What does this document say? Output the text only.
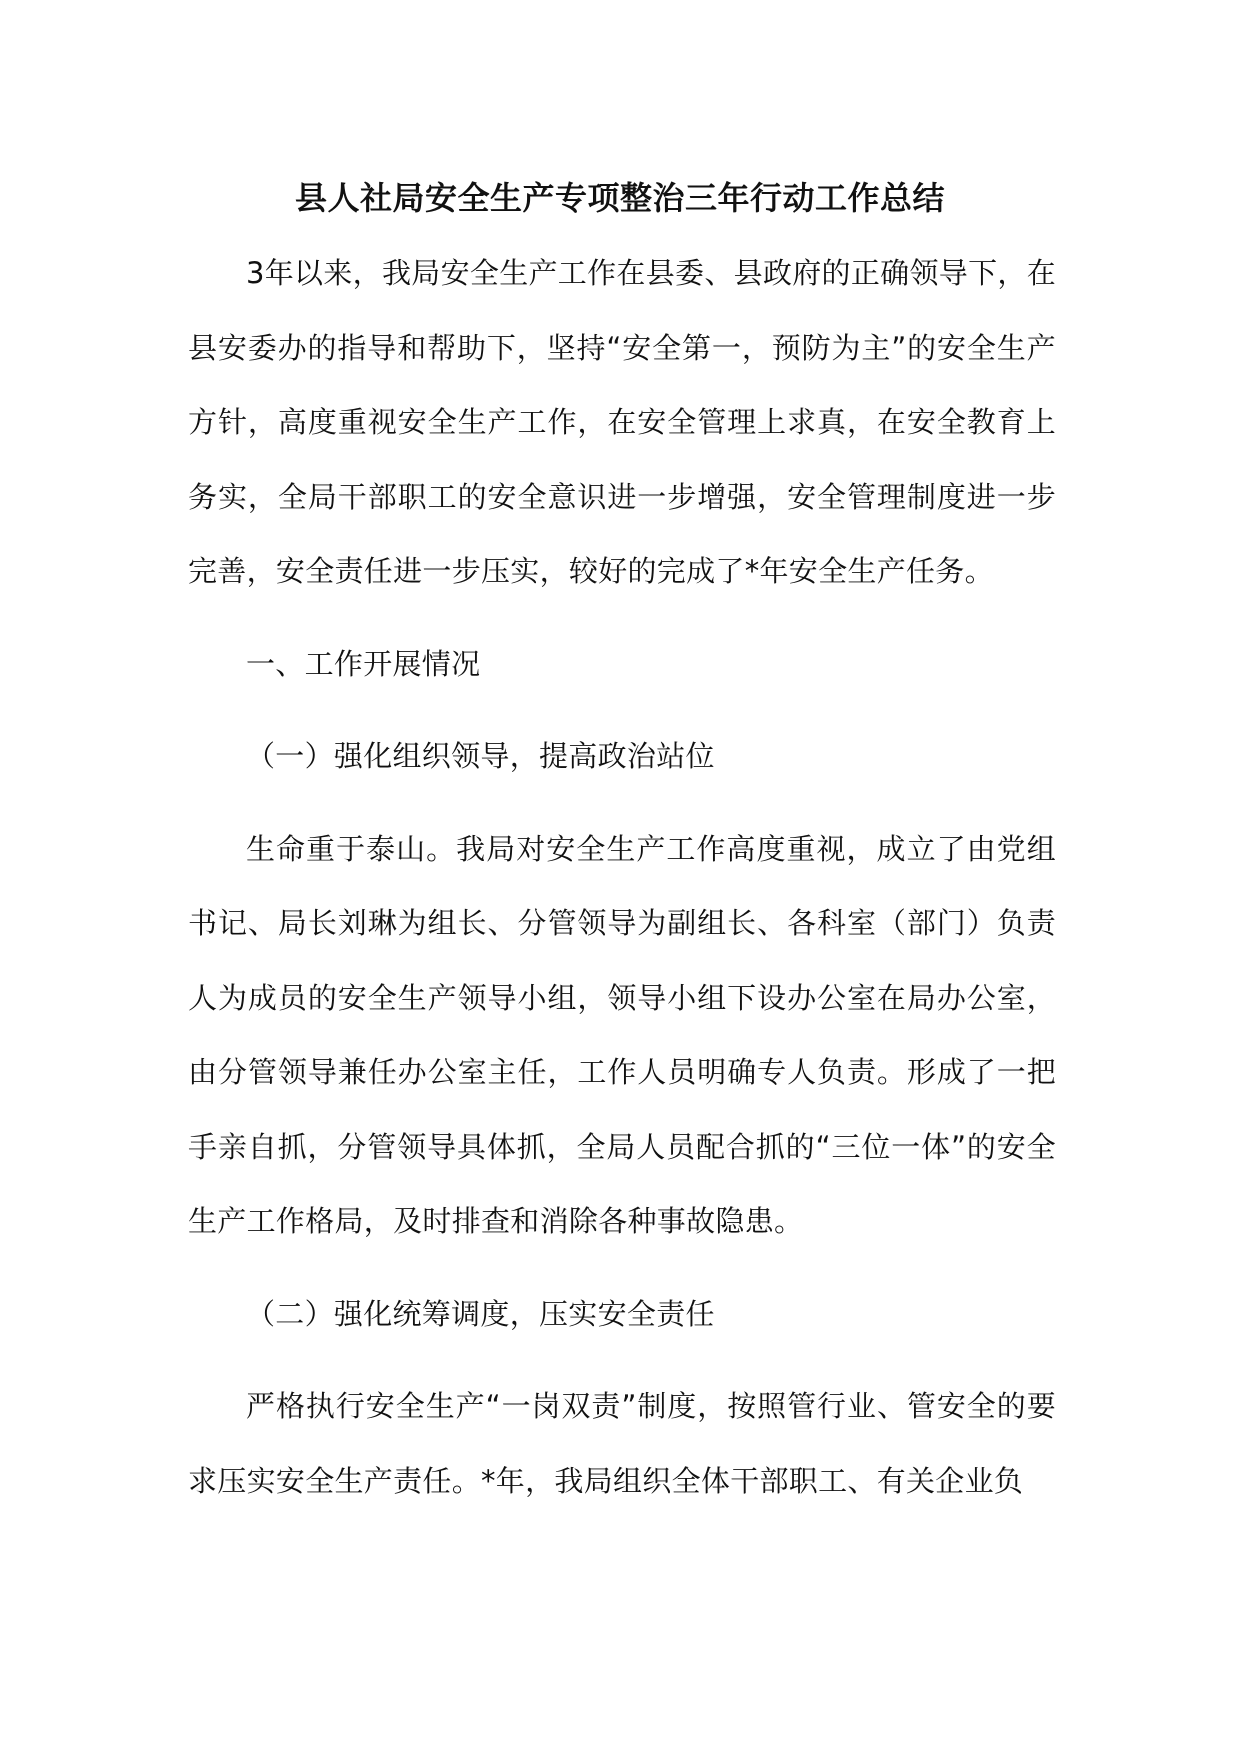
县人社局安全生产专项整治三年行动工作总结

3年以来，我局安全生产工作在县委、县政府的正确领导下，在县安委办的指导和帮助下，坚持“安全第一，预防为主”的安全生产方针，高度重视安全生产工作，在安全管理上求真，在安全教育上务实，全局干部职工的安全意识进一步增强，安全管理制度进一步完善，安全责任进一步压实，较好的完成了*年安全生产任务。

一、工作开展情况

（一）强化组织领导，提高政治站位

生命重于泰山。我局对安全生产工作高度重视，成立了由党组书记、局长刘琳为组长、分管领导为副组长、各科室（部门）负责人为成员的安全生产领导小组，领导小组下设办公室在局办公室，由分管领导兼任办公室主任，工作人员明确专人负责。形成了一把手亲自抓，分管领导具体抓，全局人员配合抓的“三位一体”的安全生产工作格局，及时排查和消除各种事故隐患。

（二）强化统筹调度，压实安全责任

严格执行安全生产“一岗双责”制度，按照管行业、管安全的要求压实安全生产责任。*年，我局组织全体干部职工、有关企业负
